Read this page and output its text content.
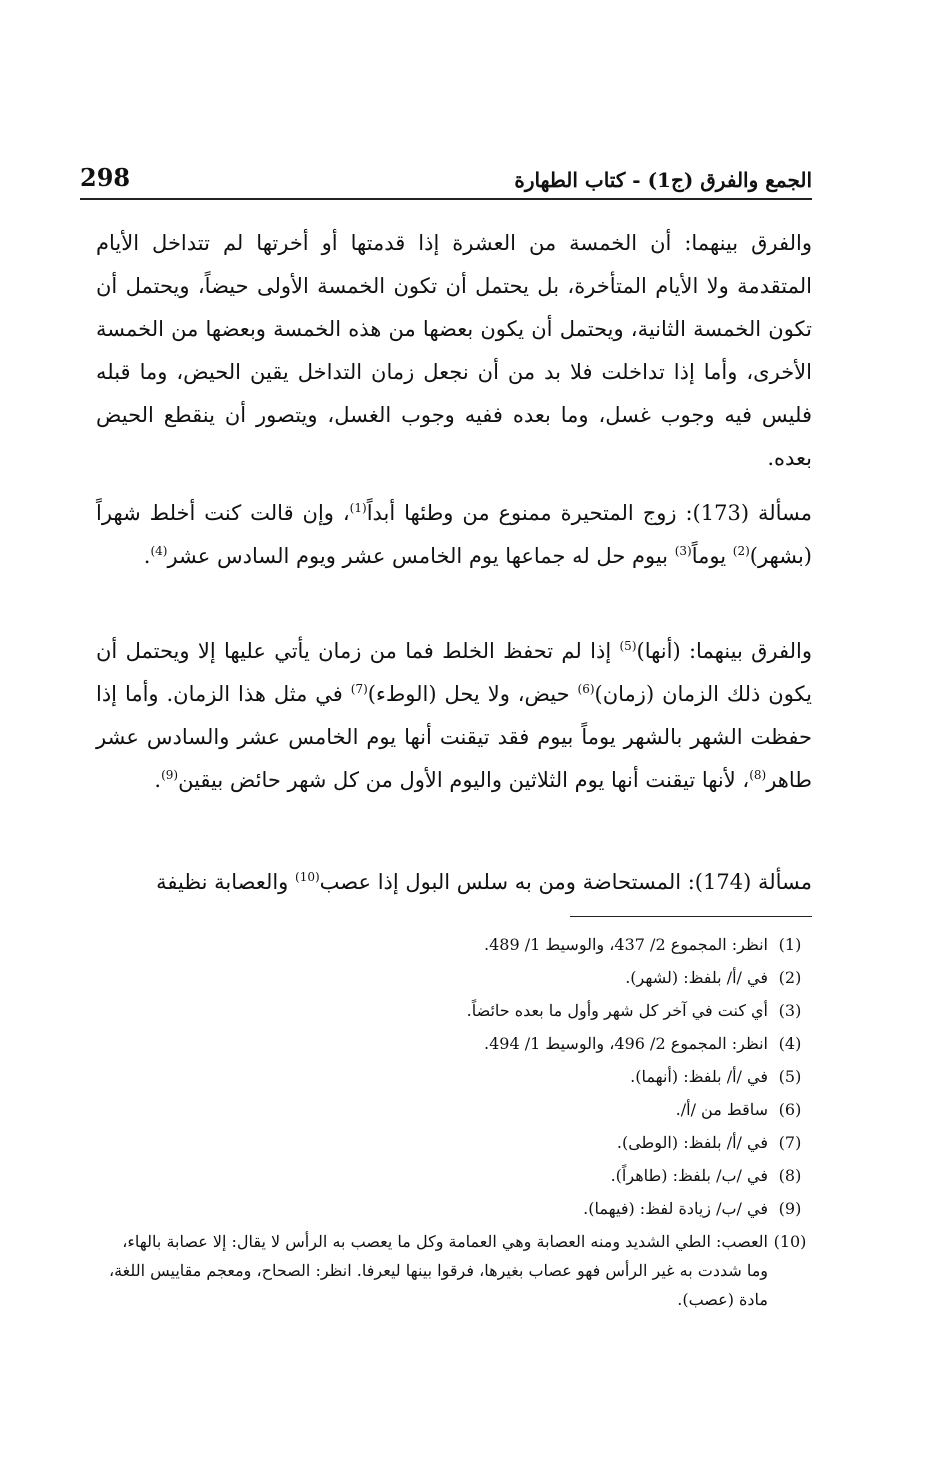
298	الجمع والفرق (ج1) - كتاب الطهارة

والفرق بينهما: أن الخمسة من العشرة إذا قدمتها أو أخرتها لم تتداخل الأيام المتقدمة ولا الأيام المتأخرة، بل يحتمل أن تكون الخمسة الأولى حيضاً، ويحتمل أن تكون الخمسة الثانية، ويحتمل أن يكون بعضها من هذه الخمسة وبعضها من الخمسة الأخرى، وأما إذا تداخلت فلا بد من أن نجعل زمان التداخل يقين الحيض، وما قبله فليس فيه وجوب غسل، وما بعده ففيه وجوب الغسل، ويتصور أن ينقطع الحيض بعده.

مسألة (173): زوج المتحيرة ممنوع من وطئها أبداً$^{(1)}$، وإن قالت كنت أخلط شهراً (بشهر)$^{(2)}$ يوماً$^{(3)}$ بيوم حل له جماعها يوم الخامس عشر ويوم السادس عشر$^{(4)}$.

والفرق بينهما: (أنها)$^{(5)}$ إذا لم تحفظ الخلط فما من زمان يأتي عليها إلا ويحتمل أن يكون ذلك الزمان (زمان)$^{(6)}$ حيض، ولا يحل (الوطء)$^{(7)}$ في مثل هذا الزمان. وأما إذا حفظت الشهر بالشهر يوماً بيوم فقد تيقنت أنها يوم الخامس عشر والسادس عشر طاهر$^{(8)}$، لأنها تيقنت أنها يوم الثلاثين واليوم الأول من كل شهر حائض بيقين$^{(9)}$.

مسألة (174): المستحاضة ومن به سلس البول إذا عصب$^{(10)}$ والعصابة نظيفة

(1)
انظر: المجموع 2/ 437، والوسيط 1/ 489.
(2)
في /أ/ بلفظ: (لشهر).
(3)
أي كنت في آخر كل شهر وأول ما بعده حائضاً.
(4)
انظر: المجموع 2/ 496، والوسيط 1/ 494.
(5)
في /أ/ بلفظ: (أنهما).
(6)
ساقط من /أ/.
(7)
في /أ/ بلفظ: (الوطى).
(8)
في /ب/ بلفظ: (طاهراً).
(9)
في /ب/ زيادة لفظ: (فيهما).
(10)
العصب: الطي الشديد ومنه العصابة وهي العمامة وكل ما يعصب به الرأس لا يقال: إلا عصابة بالهاء، وما شددت به غير الرأس فهو عصاب بغيرها، فرقوا بينها ليعرفا. انظر: الصحاح، ومعجم مقاييس اللغة، مادة (عصب).
